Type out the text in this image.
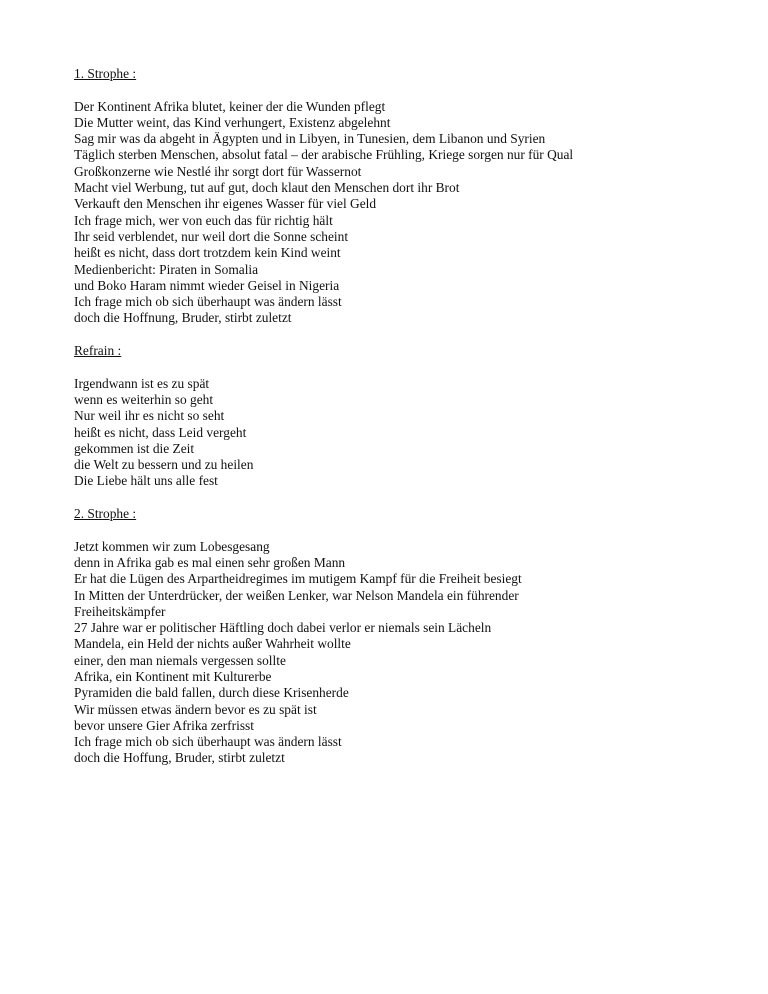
1. Strophe :

Der Kontinent Afrika blutet, keiner der die Wunden pflegt
Die Mutter weint, das Kind verhungert, Existenz abgelehnt
Sag mir was da abgeht in Ägypten und in Libyen, in Tunesien, dem Libanon und Syrien
Täglich sterben Menschen, absolut fatal – der arabische Frühling, Kriege sorgen nur für Qual
Großkonzerne wie Nestlé ihr sorgt dort für Wassernot
Macht viel Werbung, tut auf gut, doch klaut den Menschen dort ihr Brot
Verkauft den Menschen ihr eigenes Wasser für viel Geld
Ich frage mich, wer von euch das für richtig hält
Ihr seid verblendet, nur weil dort die Sonne scheint
heißt es nicht, dass dort trotzdem kein Kind weint
Medienbericht: Piraten in Somalia
und Boko Haram nimmt wieder Geisel in Nigeria
Ich frage mich ob sich überhaupt was ändern lässt
doch die Hoffnung, Bruder, stirbt zuletzt

Refrain :

Irgendwann ist es zu spät
wenn es weiterhin so geht
Nur weil ihr es nicht so seht
heißt es nicht, dass Leid vergeht
gekommen ist die Zeit
die Welt zu bessern und zu heilen
Die Liebe hält uns alle fest

2. Strophe :

Jetzt kommen wir zum Lobesgesang
denn in Afrika gab es mal einen sehr großen Mann
Er hat die Lügen des Arpartheidregimes im mutigem Kampf für die Freiheit besiegt
In Mitten der Unterdrücker, der weißen Lenker, war Nelson Mandela ein führender
Freiheitskämpfer
27 Jahre war er politischer Häftling doch dabei verlor er niemals sein Lächeln
Mandela, ein Held der nichts außer Wahrheit wollte
einer, den man niemals vergessen sollte
Afrika, ein Kontinent mit Kulturerbe
Pyramiden die bald fallen, durch diese Krisenherde
Wir müssen etwas ändern bevor es zu spät ist
bevor unsere Gier Afrika zerfrisst
Ich frage mich ob sich überhaupt was ändern lässt
doch die Hoffung, Bruder, stirbt zuletzt
